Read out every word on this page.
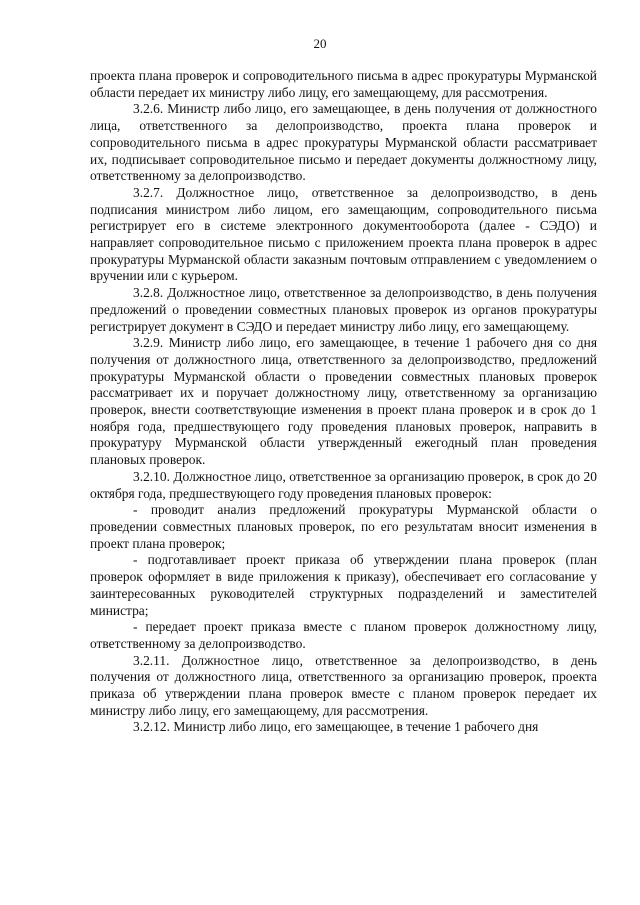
20

проекта плана проверок и сопроводительного письма в адрес прокуратуры Мурманской области передает их министру либо лицу, его замещающему, для рассмотрения.

3.2.6. Министр либо лицо, его замещающее, в день получения от должностного лица, ответственного за делопроизводство, проекта плана проверок и сопроводительного письма в адрес прокуратуры Мурманской области рассматривает их, подписывает сопроводительное письмо и передает документы должностному лицу, ответственному за делопроизводство.

3.2.7. Должностное лицо, ответственное за делопроизводство, в день подписания министром либо лицом, его замещающим, сопроводительного письма регистрирует его в системе электронного документооборота (далее - СЭДО) и направляет сопроводительное письмо с приложением проекта плана проверок в адрес прокуратуры Мурманской области заказным почтовым отправлением с уведомлением о вручении или с курьером.

3.2.8. Должностное лицо, ответственное за делопроизводство, в день получения предложений о проведении совместных плановых проверок из органов прокуратуры регистрирует документ в СЭДО и передает министру либо лицу, его замещающему.

3.2.9. Министр либо лицо, его замещающее, в течение 1 рабочего дня со дня получения от должностного лица, ответственного за делопроизводство, предложений прокуратуры Мурманской области о проведении совместных плановых проверок рассматривает их и поручает должностному лицу, ответственному за организацию проверок, внести соответствующие изменения в проект плана проверок и в срок до 1 ноября года, предшествующего году проведения плановых проверок, направить в прокуратуру Мурманской области утвержденный ежегодный план проведения плановых проверок.

3.2.10. Должностное лицо, ответственное за организацию проверок, в срок до 20 октября года, предшествующего году проведения плановых проверок:

- проводит анализ предложений прокуратуры Мурманской области о проведении совместных плановых проверок, по его результатам вносит изменения в проект плана проверок;

- подготавливает проект приказа об утверждении плана проверок (план проверок оформляет в виде приложения к приказу), обеспечивает его согласование у заинтересованных руководителей структурных подразделений и заместителей министра;

- передает проект приказа вместе с планом проверок должностному лицу, ответственному за делопроизводство.

3.2.11. Должностное лицо, ответственное за делопроизводство, в день получения от должностного лица, ответственного за организацию проверок, проекта приказа об утверждении плана проверок вместе с планом проверок передает их министру либо лицу, его замещающему, для рассмотрения.

3.2.12. Министр либо лицо, его замещающее, в течение 1 рабочего дня
